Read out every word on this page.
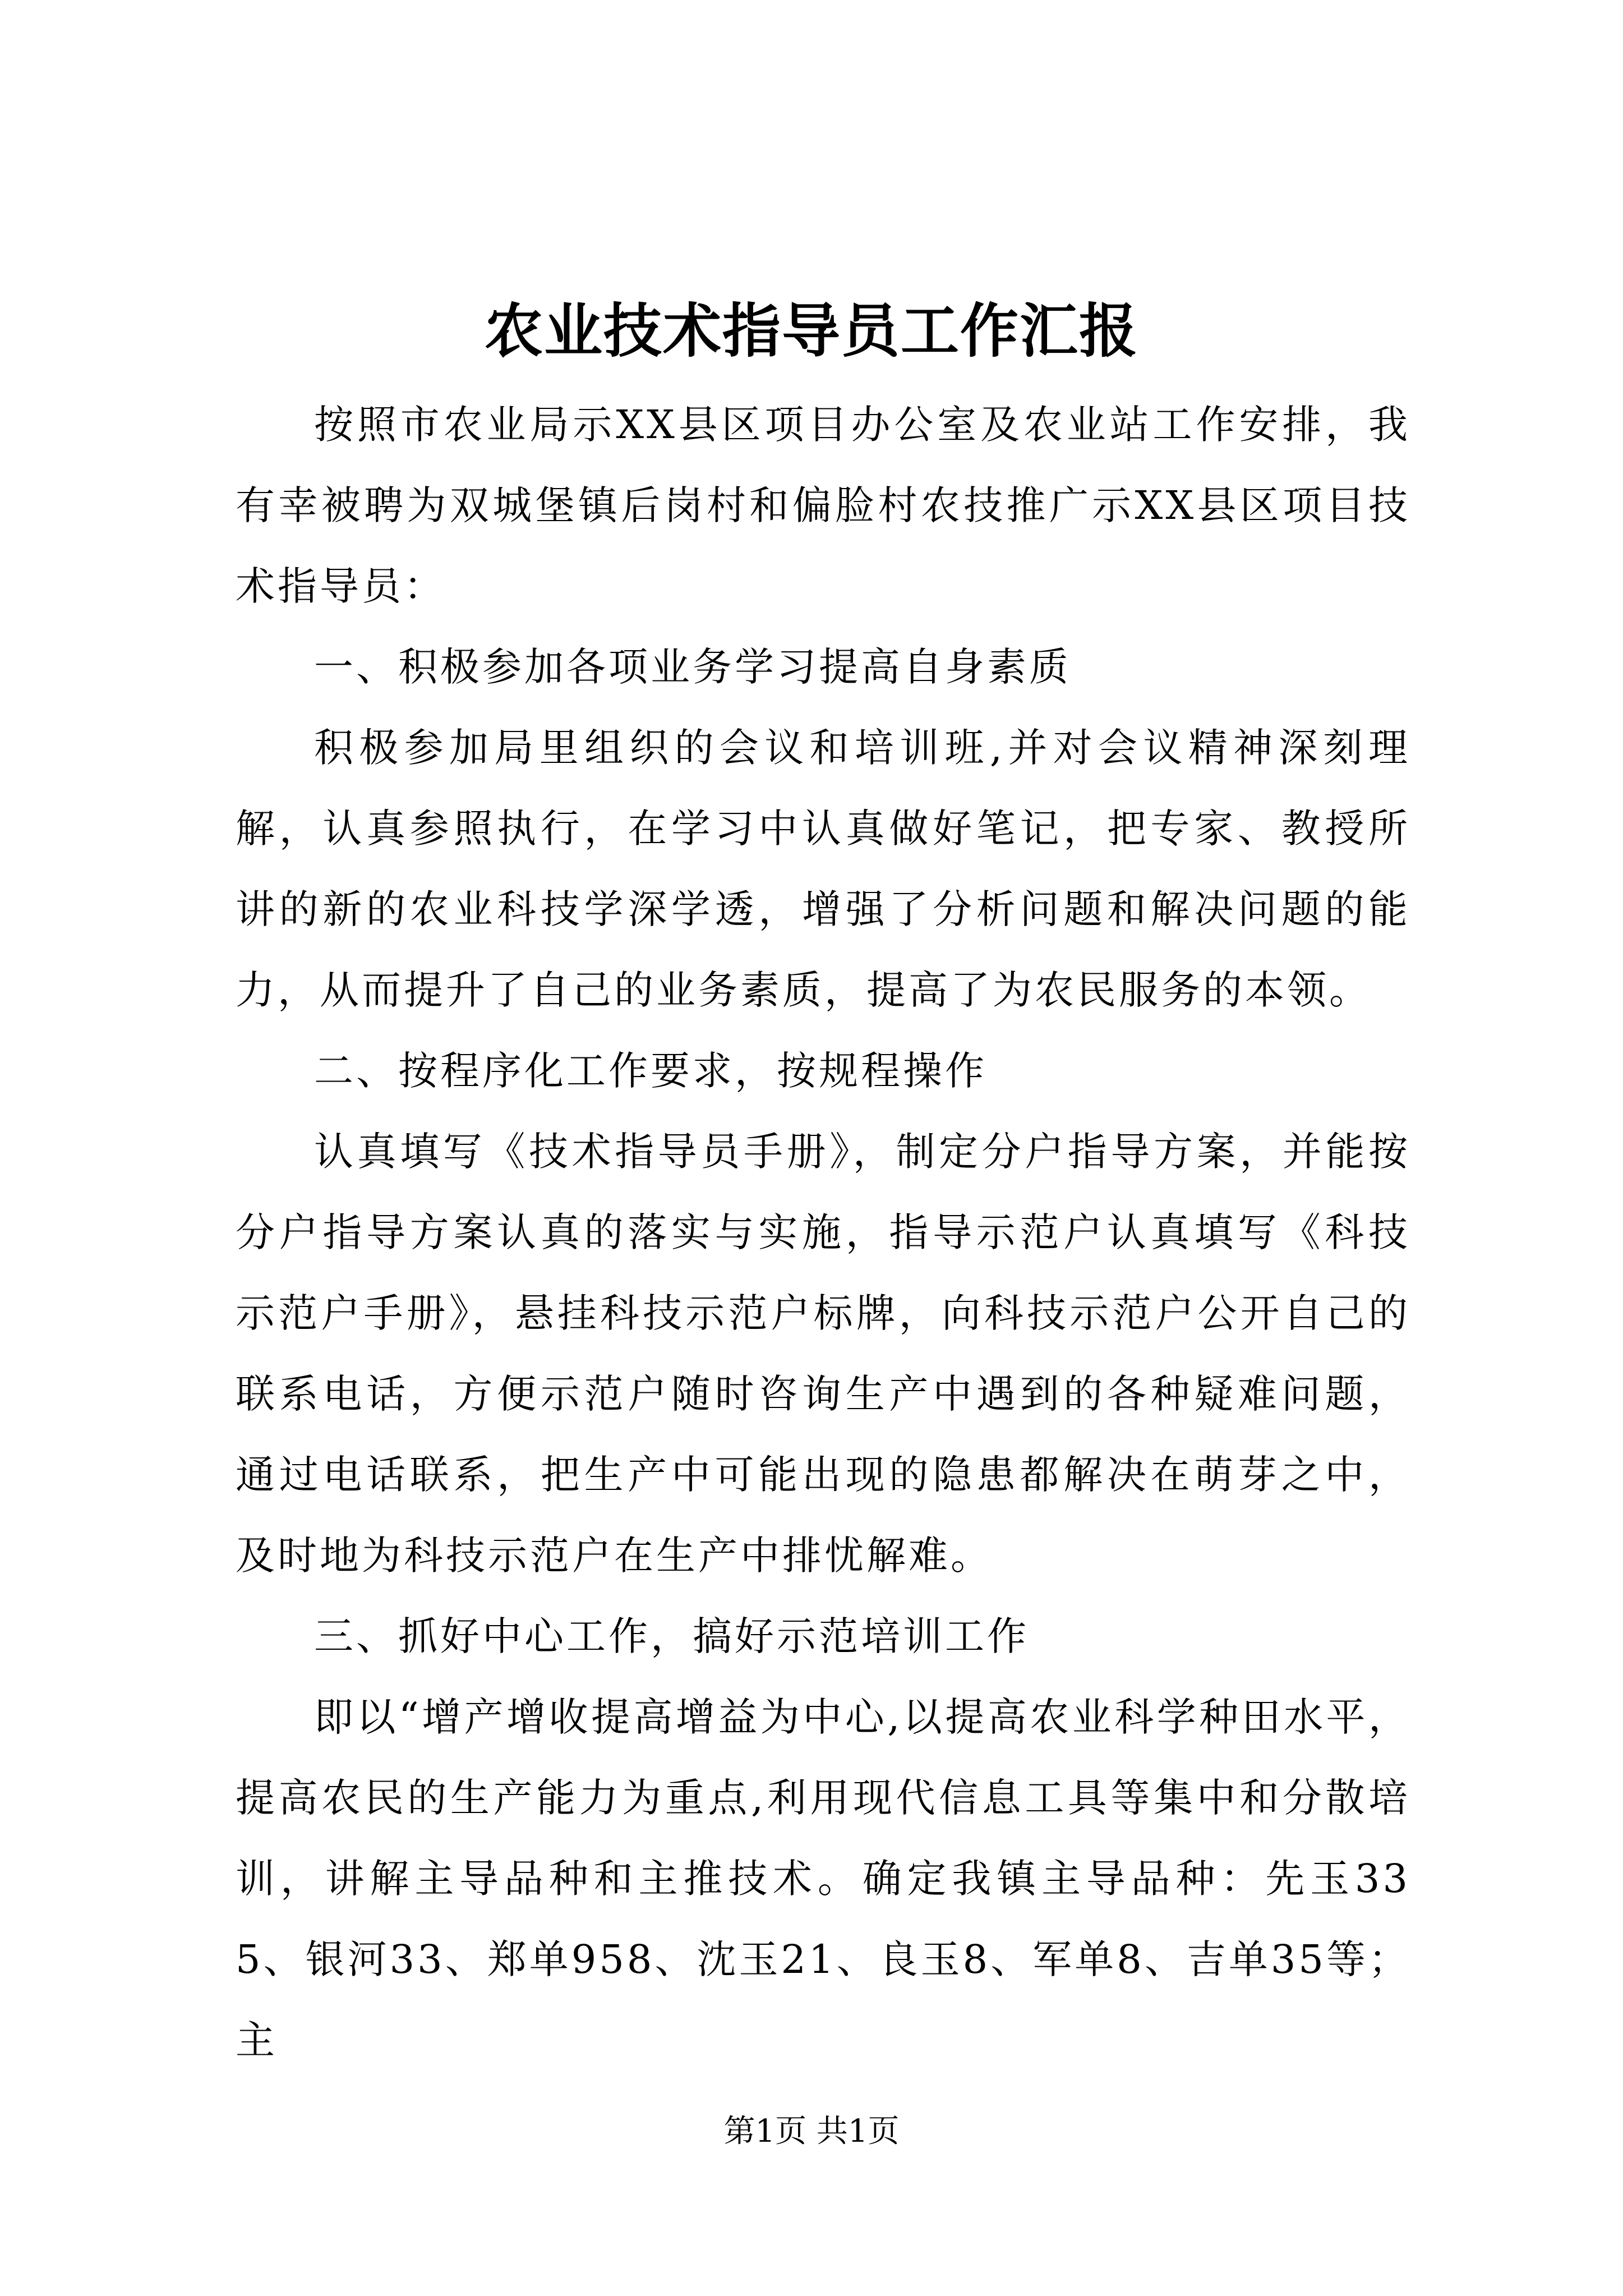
农业技术指导员工作汇报

按照市农业局示XX县区项目办公室及农业站工作安排，我有幸被聘为双城堡镇后岗村和偏脸村农技推广示XX县区项目技术指导员：

一、积极参加各项业务学习提高自身素质

积极参加局里组织的会议和培训班,并对会议精神深刻理解，认真参照执行，在学习中认真做好笔记，把专家、教授所讲的新的农业科技学深学透，增强了分析问题和解决问题的能力，从而提升了自己的业务素质，提高了为农民服务的本领。

二、按程序化工作要求，按规程操作

认真填写《技术指导员手册》，制定分户指导方案，并能按分户指导方案认真的落实与实施，指导示范户认真填写《科技示范户手册》，悬挂科技示范户标牌，向科技示范户公开自己的联系电话，方便示范户随时咨询生产中遇到的各种疑难问题，通过电话联系，把生产中可能出现的隐患都解决在萌芽之中，及时地为科技示范户在生产中排忧解难。

三、抓好中心工作，搞好示范培训工作

即以“增产增收提高增益为中心,以提高农业科学种田水平，提高农民的生产能力为重点,利用现代信息工具等集中和分散培训，讲解主导品种和主推技术。确定我镇主导品种：先玉335、银河33、郑单958、沈玉21、良玉8、军单8、吉单35等；主

第1页 共1页
